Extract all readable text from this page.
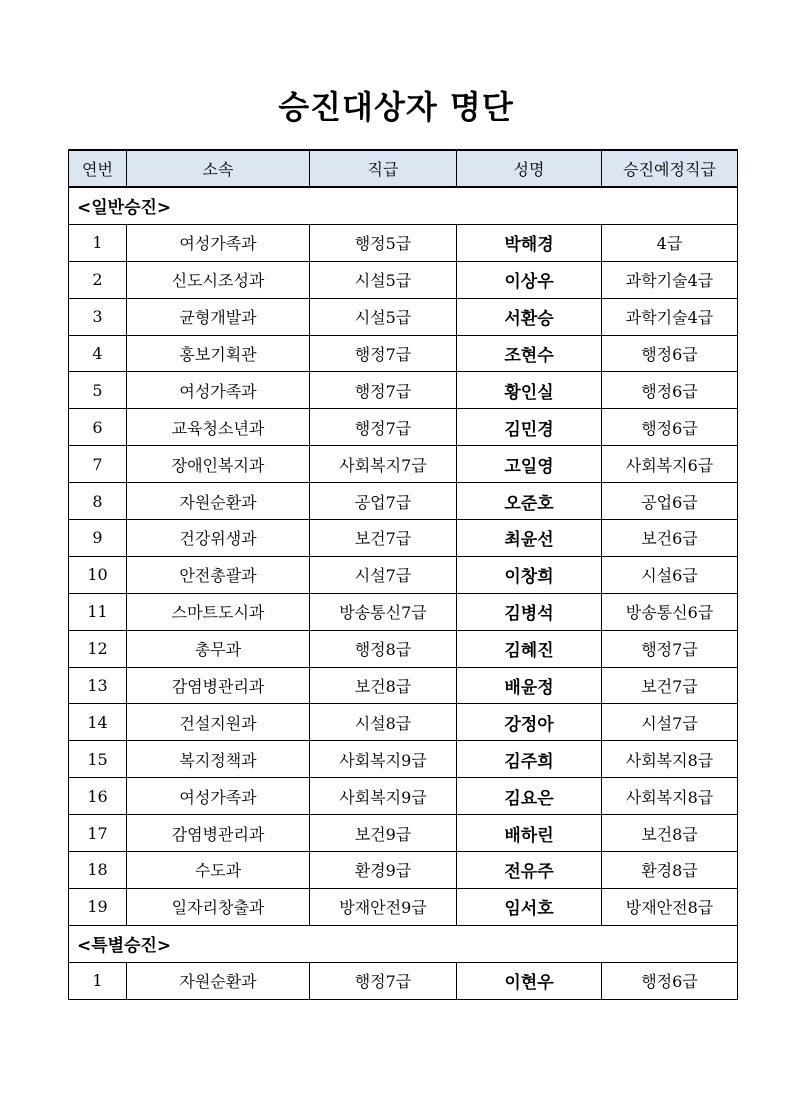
승진대상자 명단
연번	소속	직급	성명	승진예정직급
<일반승진>				
1	여성가족과	행정5급	박해경	4급
2	신도시조성과	시설5급	이상우	과학기술4급
3	균형개발과	시설5급	서환승	과학기술4급
4	홍보기획관	행정7급	조현수	행정6급
5	여성가족과	행정7급	황인실	행정6급
6	교육청소년과	행정7급	김민경	행정6급
7	장애인복지과	사회복지7급	고일영	사회복지6급
8	자원순환과	공업7급	오준호	공업6급
9	건강위생과	보건7급	최윤선	보건6급
10	안전총괄과	시설7급	이창희	시설6급
11	스마트도시과	방송통신7급	김병석	방송통신6급
12	총무과	행정8급	김혜진	행정7급
13	감염병관리과	보건8급	배윤정	보건7급
14	건설지원과	시설8급	강정아	시설7급
15	복지정책과	사회복지9급	김주희	사회복지8급
16	여성가족과	사회복지9급	김요은	사회복지8급
17	감염병관리과	보건9급	배하린	보건8급
18	수도과	환경9급	전유주	환경8급
19	일자리창출과	방재안전9급	임서호	방재안전8급
<특별승진>				
1	자원순환과	행정7급	이현우	행정6급
